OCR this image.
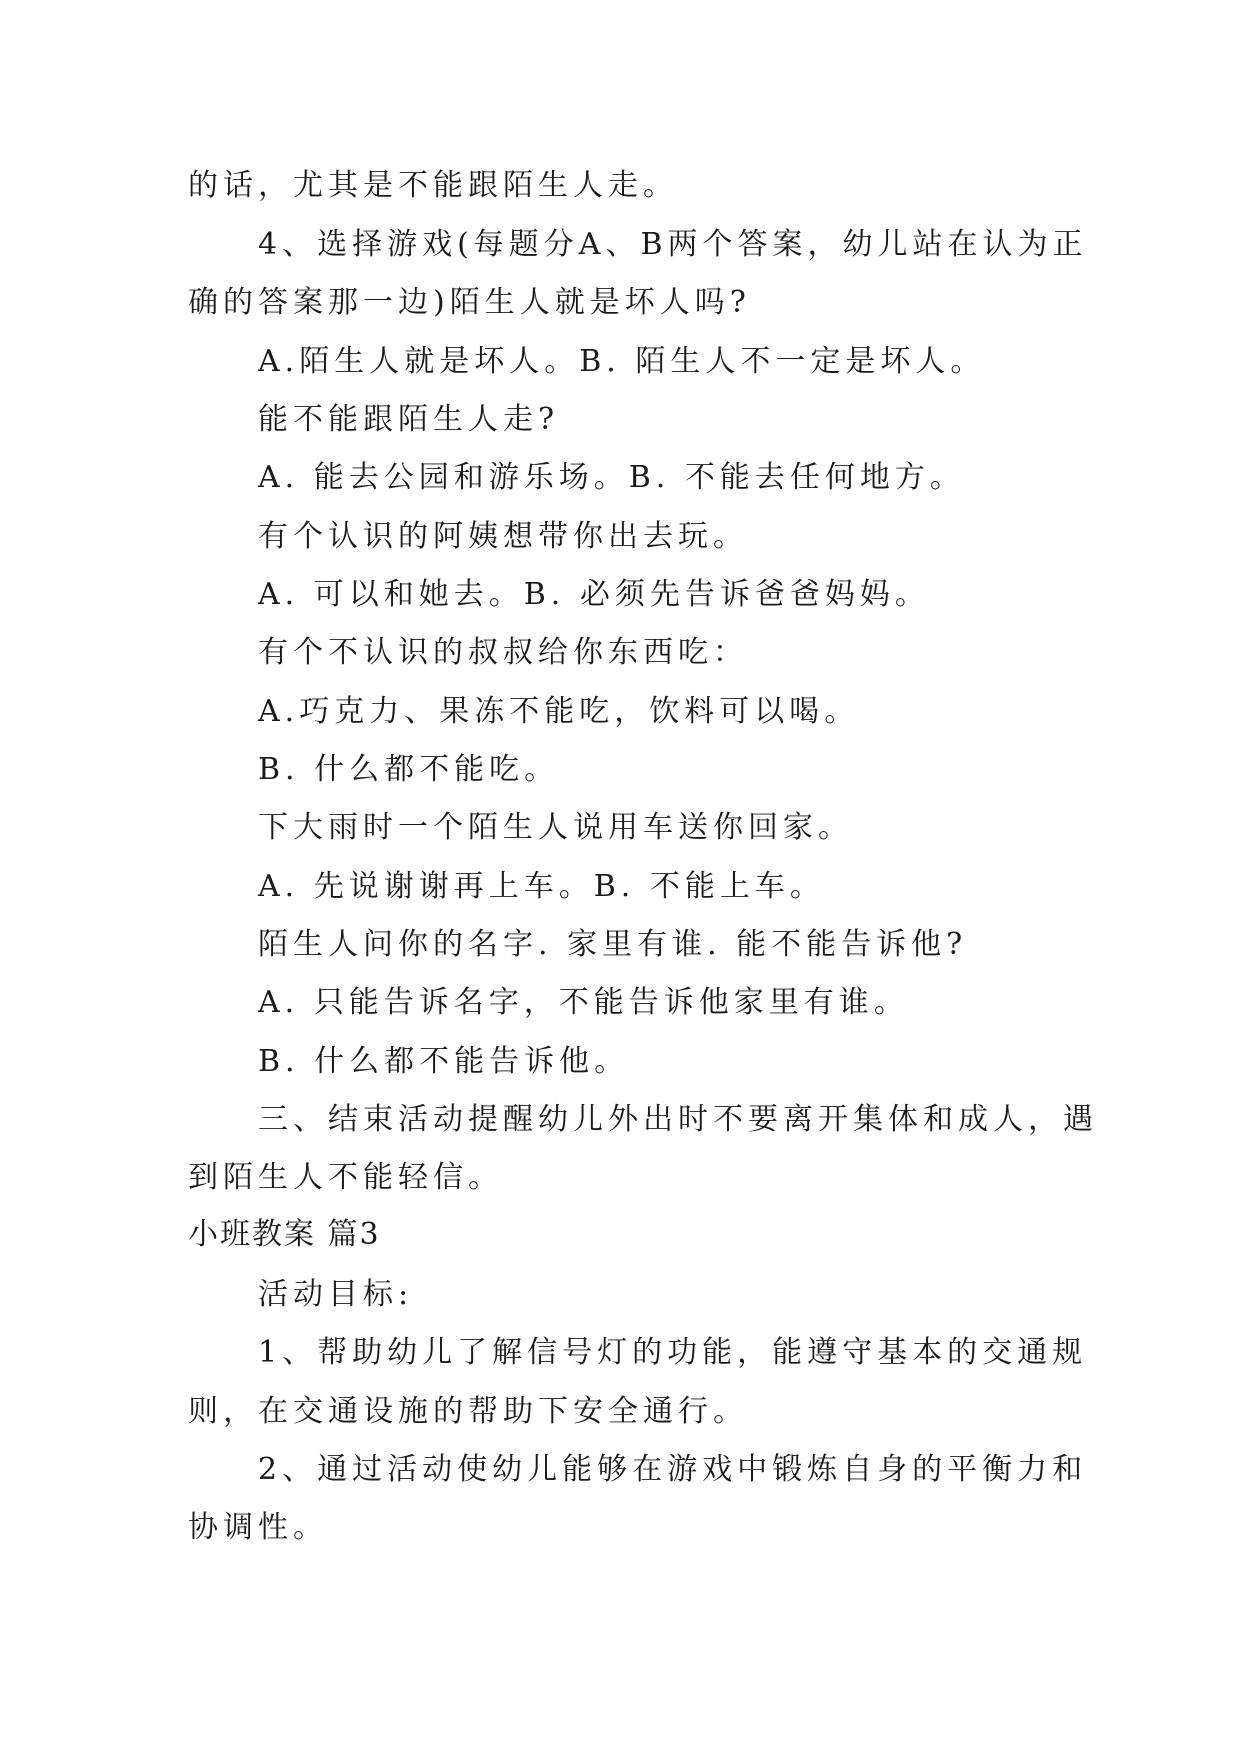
的话，尤其是不能跟陌生人走。
4、选择游戏(每题分A、B两个答案，幼儿站在认为正
确的答案那一边)陌生人就是坏人吗?
A.陌生人就是坏人。B. 陌生人不一定是坏人。
能不能跟陌生人走?
A. 能去公园和游乐场。B. 不能去任何地方。
有个认识的阿姨想带你出去玩。
A. 可以和她去。B. 必须先告诉爸爸妈妈。
有个不认识的叔叔给你东西吃：
A.巧克力、果冻不能吃，饮料可以喝。
B. 什么都不能吃。
下大雨时一个陌生人说用车送你回家。
A. 先说谢谢再上车。B. 不能上车。
陌生人问你的名字. 家里有谁. 能不能告诉他?
A. 只能告诉名字，不能告诉他家里有谁。
B. 什么都不能告诉他。
三、结束活动提醒幼儿外出时不要离开集体和成人，遇
到陌生人不能轻信。
小班教案 篇3
活动目标:
1、帮助幼儿了解信号灯的功能，能遵守基本的交通规
则，在交通设施的帮助下安全通行。
2、通过活动使幼儿能够在游戏中锻炼自身的平衡力和
协调性。
